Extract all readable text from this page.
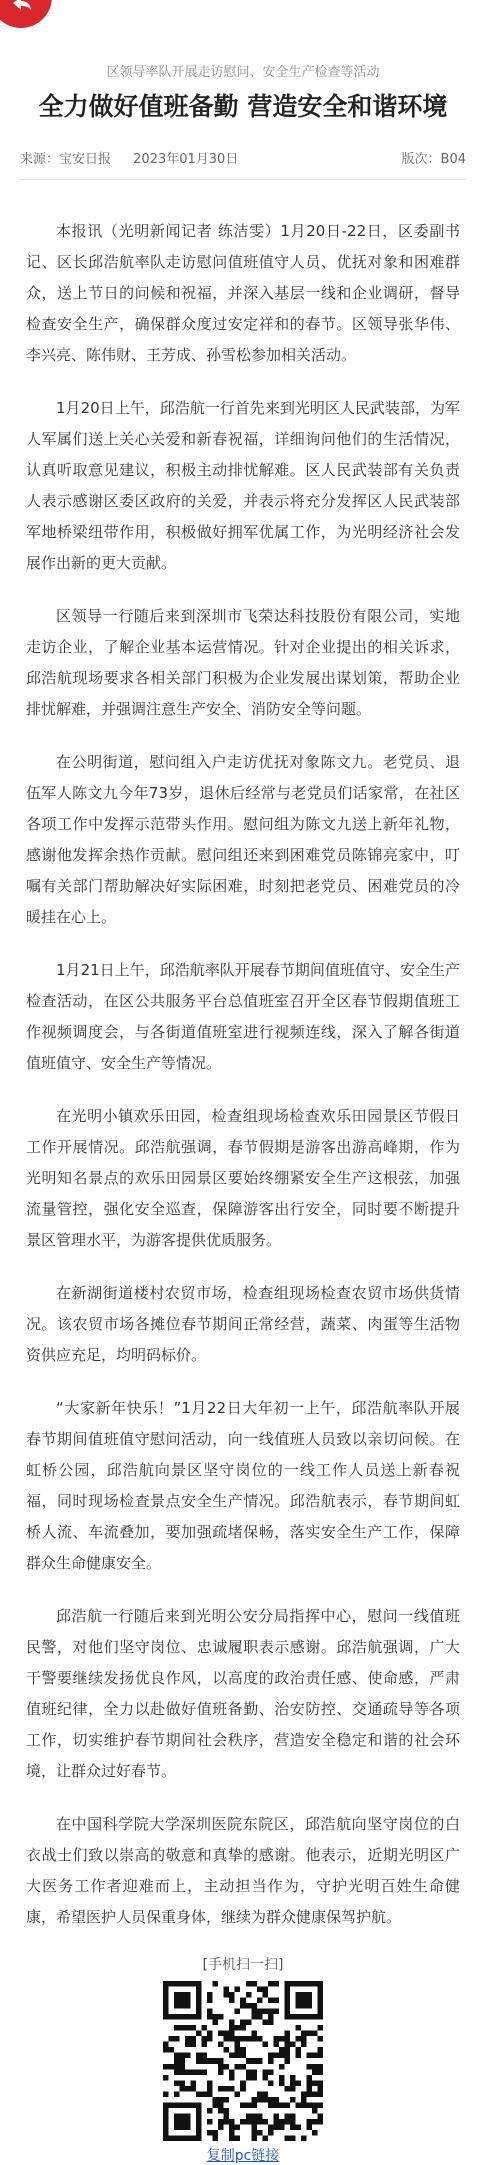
区领导率队开展走访慰问、安全生产检查等活动

全力做好值班备勤 营造安全和谐环境
来源：宝安日报 2023年01月30日	版次：B04

本报讯（光明新闻记者 练洁雯）1月20日-22日，区委副书记、区长邱浩航率队走访慰问值班值守人员、优抚对象和困难群众，送上节日的问候和祝福，并深入基层一线和企业调研，督导检查安全生产，确保群众度过安定祥和的春节。区领导张华伟、李兴亮、陈伟财、王芳成、孙雪松参加相关活动。

1月20日上午，邱浩航一行首先来到光明区人民武装部，为军人军属们送上关心关爱和新春祝福，详细询问他们的生活情况，认真听取意见建议，积极主动排忧解难。区人民武装部有关负责人表示感谢区委区政府的关爱，并表示将充分发挥区人民武装部军地桥梁纽带作用，积极做好拥军优属工作，为光明经济社会发展作出新的更大贡献。

区领导一行随后来到深圳市飞荣达科技股份有限公司，实地走访企业，了解企业基本运营情况。针对企业提出的相关诉求，邱浩航现场要求各相关部门积极为企业发展出谋划策，帮助企业排忧解难，并强调注意生产安全、消防安全等问题。

在公明街道，慰问组入户走访优抚对象陈文九。老党员、退伍军人陈文九今年73岁，退休后经常与老党员们话家常，在社区各项工作中发挥示范带头作用。慰问组为陈文九送上新年礼物，感谢他发挥余热作贡献。慰问组还来到困难党员陈锦亮家中，叮嘱有关部门帮助解决好实际困难，时刻把老党员、困难党员的冷暖挂在心上。

1月21日上午，邱浩航率队开展春节期间值班值守、安全生产检查活动，在区公共服务平台总值班室召开全区春节假期值班工作视频调度会，与各街道值班室进行视频连线，深入了解各街道值班值守、安全生产等情况。

在光明小镇欢乐田园，检查组现场检查欢乐田园景区节假日工作开展情况。邱浩航强调，春节假期是游客出游高峰期，作为光明知名景点的欢乐田园景区要始终绷紧安全生产这根弦，加强流量管控，强化安全巡查，保障游客出行安全，同时要不断提升景区管理水平，为游客提供优质服务。

在新湖街道楼村农贸市场，检查组现场检查农贸市场供货情况。该农贸市场各摊位春节期间正常经营，蔬菜、肉蛋等生活物资供应充足，均明码标价。

“大家新年快乐！”1月22日大年初一上午，邱浩航率队开展春节期间值班值守慰问活动，向一线值班人员致以亲切问候。在虹桥公园，邱浩航向景区坚守岗位的一线工作人员送上新春祝福，同时现场检查景点安全生产情况。邱浩航表示，春节期间虹桥人流、车流叠加，要加强疏堵保畅，落实安全生产工作，保障群众生命健康安全。

邱浩航一行随后来到光明公安分局指挥中心，慰问一线值班民警，对他们坚守岗位、忠诚履职表示感谢。邱浩航强调，广大干警要继续发扬优良作风，以高度的政治责任感、使命感，严肃值班纪律，全力以赴做好值班备勤、治安防控、交通疏导等各项工作，切实维护春节期间社会秩序，营造安全稳定和谐的社会环境，让群众过好春节。

在中国科学院大学深圳医院东院区，邱浩航向坚守岗位的白衣战士们致以崇高的敬意和真挚的感谢。他表示，近期光明区广大医务工作者迎难而上，主动担当作为，守护光明百姓生命健康，希望医护人员保重身体，继续为群众健康保驾护航。

[手机扫一扫]
复制pc链接
